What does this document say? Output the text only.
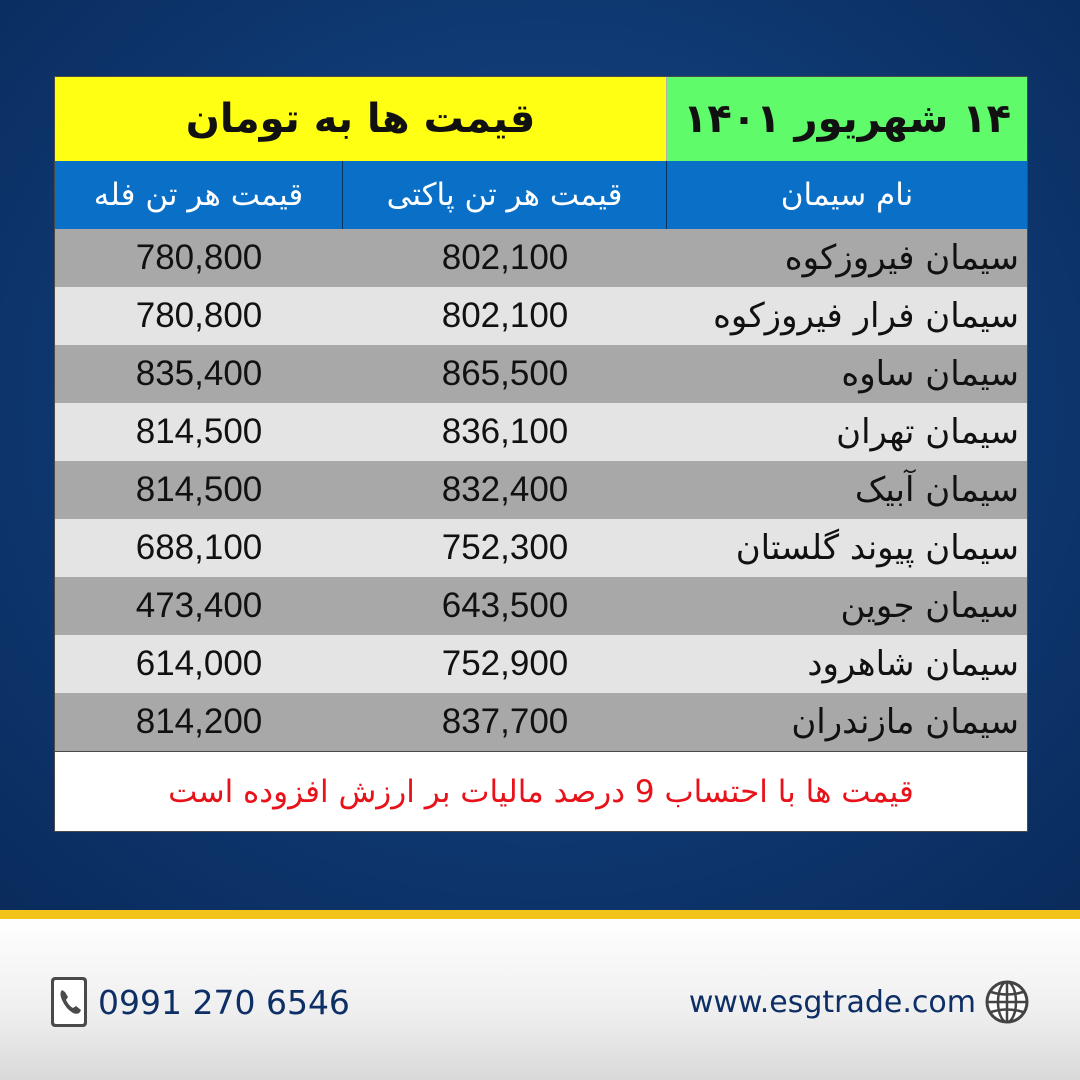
۱۴ شهریور ۱۴۰۱
قیمت ها به تومان
نام سیمان
قیمت هر تن پاکتی
قیمت هر تن فله
سیمان فیروزکوه
802,100
780,800
سیمان فرار فیروزکوه
802,100
780,800
سیمان ساوه
865,500
835,400
سیمان تهران
836,100
814,500
سیمان آبیک
832,400
814,500
سیمان پیوند گلستان
752,300
688,100
سیمان جوین
643,500
473,400
سیمان شاهرود
752,900
614,000
سیمان مازندران
837,700
814,200
قیمت ها با احتساب 9 درصد مالیات بر ارزش افزوده است
0991 270 6546	www.esgtrade.com
